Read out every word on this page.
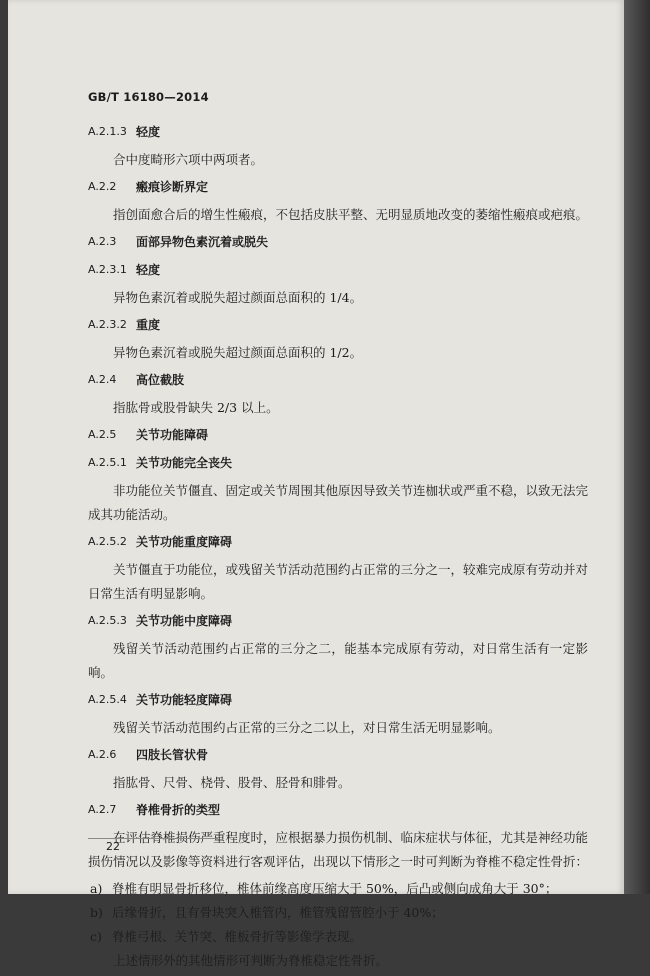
GB/T 16180—2014
A.2.1.3 轻度

合中度畸形六项中两项者。

A.2.2	瘢痕诊断界定

指创面愈合后的增生性瘢痕，不包括皮肤平整、无明显质地改变的萎缩性瘢痕或疤痕。

A.2.3	面部异物色素沉着或脱失
A.2.3.1 轻度

异物色素沉着或脱失超过颜面总面积的 1/4。

A.2.3.2 重度

异物色素沉着或脱失超过颜面总面积的 1/2。

A.2.4	高位截肢

指肱骨或股骨缺失 2/3 以上。

A.2.5	关节功能障碍
A.2.5.1 关节功能完全丧失

非功能位关节僵直、固定或关节周围其他原因导致关节连枷状或严重不稳，以致无法完成其功能活动。

A.2.5.2 关节功能重度障碍

关节僵直于功能位，或残留关节活动范围约占正常的三分之一，较难完成原有劳动并对日常生活有明显影响。

A.2.5.3 关节功能中度障碍

残留关节活动范围约占正常的三分之二，能基本完成原有劳动，对日常生活有一定影响。

A.2.5.4 关节功能轻度障碍

残留关节活动范围约占正常的三分之二以上，对日常生活无明显影响。

A.2.6	四肢长管状骨

指肱骨、尺骨、桡骨、股骨、胫骨和腓骨。

A.2.7	脊椎骨折的类型

在评估脊椎损伤严重程度时，应根据暴力损伤机制、临床症状与体征，尤其是神经功能损伤情况以及影像等资料进行客观评估，出现以下情形之一时可判断为脊椎不稳定性骨折：

a) 脊椎有明显骨折移位，椎体前缘高度压缩大于 50%，后凸或侧向成角大于 30°；
b) 后缘骨折，且有骨块突入椎管内，椎管残留管腔小于 40%；
c) 脊椎弓根、关节突、椎板骨折等影像学表现。

上述情形外的其他情形可判断为脊椎稳定性骨折。

22
